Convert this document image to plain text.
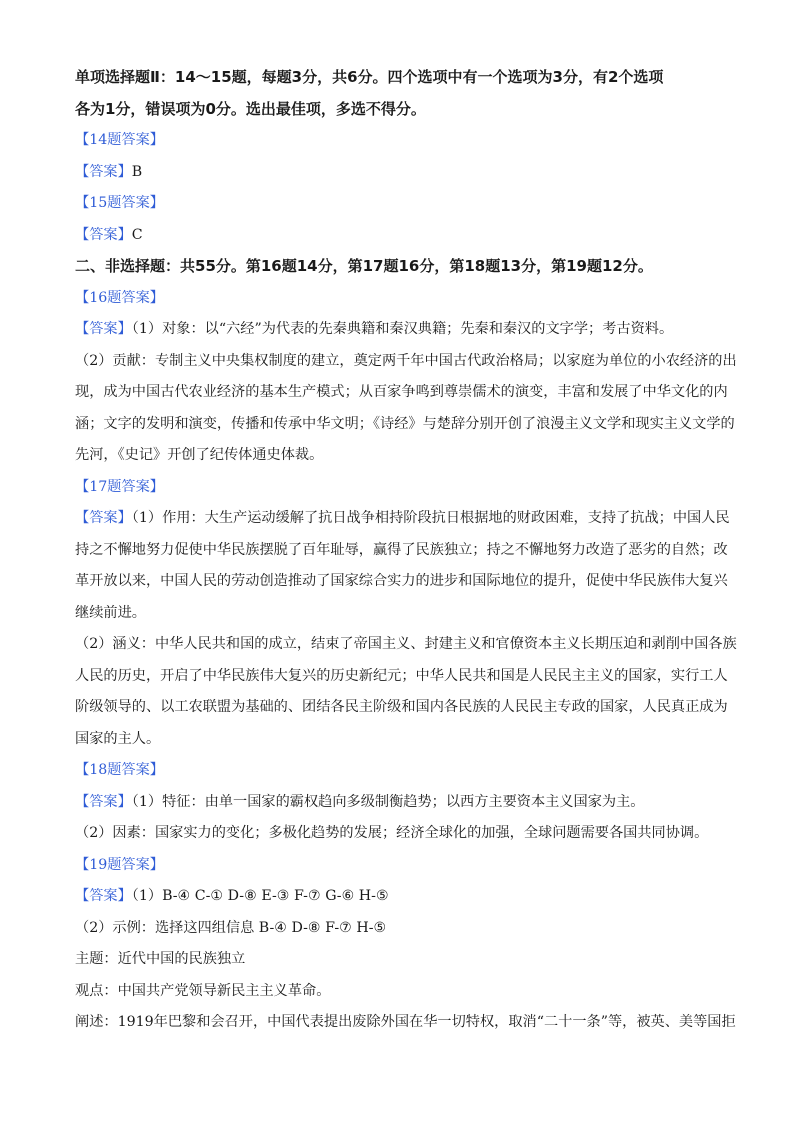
单项选择题Ⅱ：14～15题，每题3分，共6分。四个选项中有一个选项为3分，有2个选项
各为1分，错误项为0分。选出最佳项，多选不得分。
【14题答案】
【答案】B
【15题答案】
【答案】C
二、非选择题：共55分。第16题14分，第17题16分，第18题13分，第19题12分。
【16题答案】
【答案】（1）对象：以“六经”为代表的先秦典籍和秦汉典籍；先秦和秦汉的文字学；考古资料。
（2）贡献：专制主义中央集权制度的建立，奠定两千年中国古代政治格局；以家庭为单位的小农经济的出
现，成为中国古代农业经济的基本生产模式；从百家争鸣到尊崇儒术的演变，丰富和发展了中华文化的内
涵；文字的发明和演变，传播和传承中华文明；《诗经》与楚辞分别开创了浪漫主义文学和现实主义文学的
先河，《史记》开创了纪传体通史体裁。
【17题答案】
【答案】（1）作用：大生产运动缓解了抗日战争相持阶段抗日根据地的财政困难，支持了抗战；中国人民
持之不懈地努力促使中华民族摆脱了百年耻辱，赢得了民族独立；持之不懈地努力改造了恶劣的自然；改
革开放以来，中国人民的劳动创造推动了国家综合实力的进步和国际地位的提升，促使中华民族伟大复兴
继续前进。
（2）涵义：中华人民共和国的成立，结束了帝国主义、封建主义和官僚资本主义长期压迫和剥削中国各族
人民的历史，开启了中华民族伟大复兴的历史新纪元；中华人民共和国是人民民主主义的国家，实行工人
阶级领导的、以工农联盟为基础的、团结各民主阶级和国内各民族的人民民主专政的国家，人民真正成为
国家的主人。
【18题答案】
【答案】（1）特征：由单一国家的霸权趋向多级制衡趋势；以西方主要资本主义国家为主。
（2）因素：国家实力的变化；多极化趋势的发展；经济全球化的加强，全球问题需要各国共同协调。
【19题答案】
【答案】（1）B-④ C-① D-⑧ E-③ F-⑦ G-⑥ H-⑤
（2）示例：选择这四组信息 B-④ D-⑧ F-⑦ H-⑤
主题：近代中国的民族独立
观点：中国共产党领导新民主主义革命。
阐述：1919年巴黎和会召开，中国代表提出废除外国在华一切特权，取消“二十一条”等，被英、美等国拒
